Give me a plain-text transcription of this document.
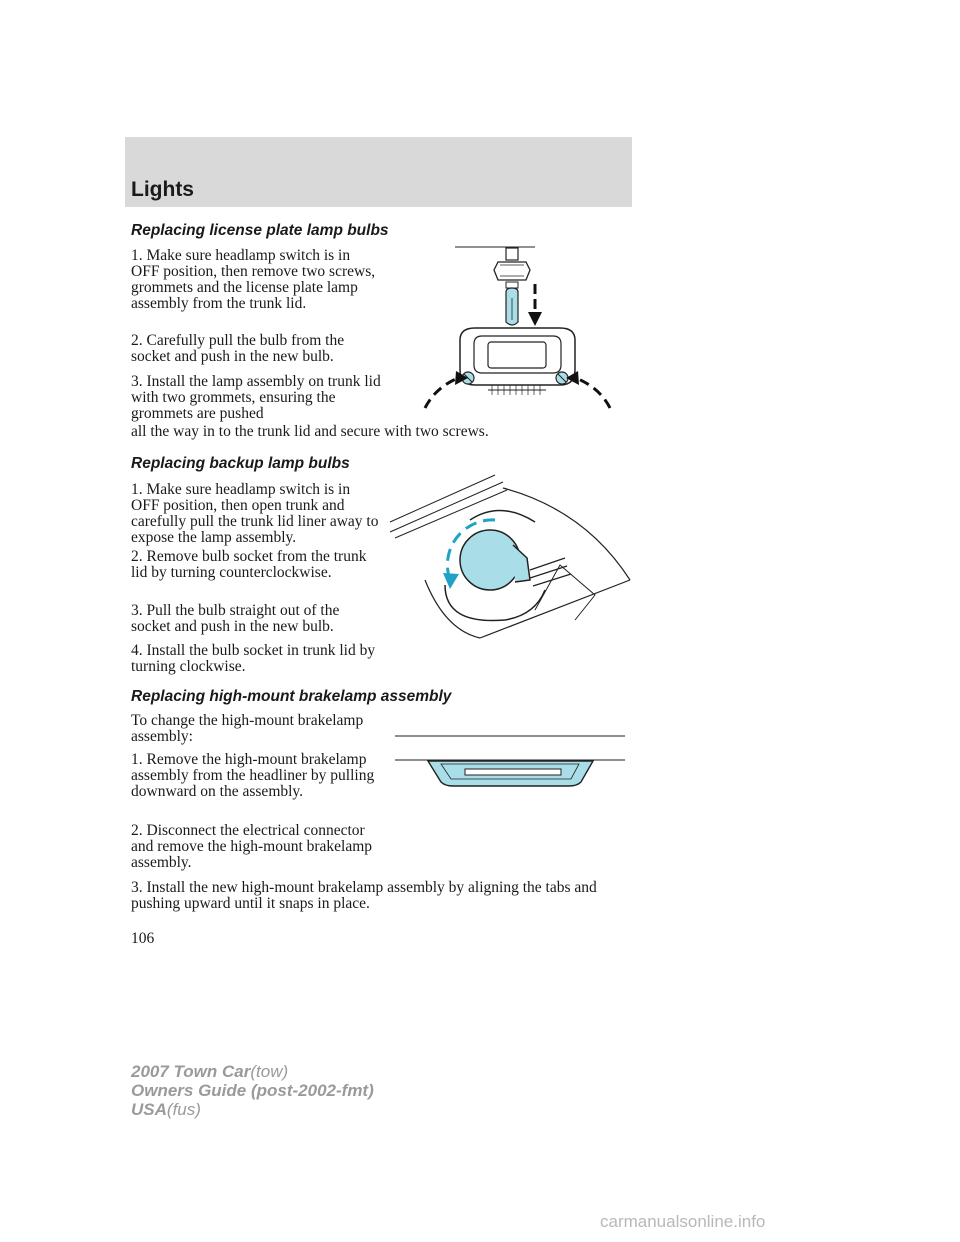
Lights
Replacing license plate lamp bulbs
1. Make sure headlamp switch is in OFF position, then remove two screws, grommets and the license plate lamp assembly from the trunk lid.
2. Carefully pull the bulb from the socket and push in the new bulb.
3. Install the lamp assembly on trunk lid with two grommets, ensuring the grommets are pushed
all the way in to the trunk lid and secure with two screws.
Replacing backup lamp bulbs
1. Make sure headlamp switch is in OFF position, then open trunk and carefully pull the trunk lid liner away to expose the lamp assembly.
2. Remove bulb socket from the trunk lid by turning counterclockwise.
3. Pull the bulb straight out of the socket and push in the new bulb.
4. Install the bulb socket in trunk lid by turning clockwise.
Replacing high-mount brakelamp assembly
To change the high-mount brakelamp assembly:
1. Remove the high-mount brakelamp assembly from the headliner by pulling downward on the assembly.
2. Disconnect the electrical connector and remove the high-mount brakelamp assembly.
3. Install the new high-mount brakelamp assembly by aligning the tabs and pushing upward until it snaps in place.
106
2007 Town Car(tow)
Owners Guide (post-2002-fmt)
USA(fus)
carmanualsonline.info
